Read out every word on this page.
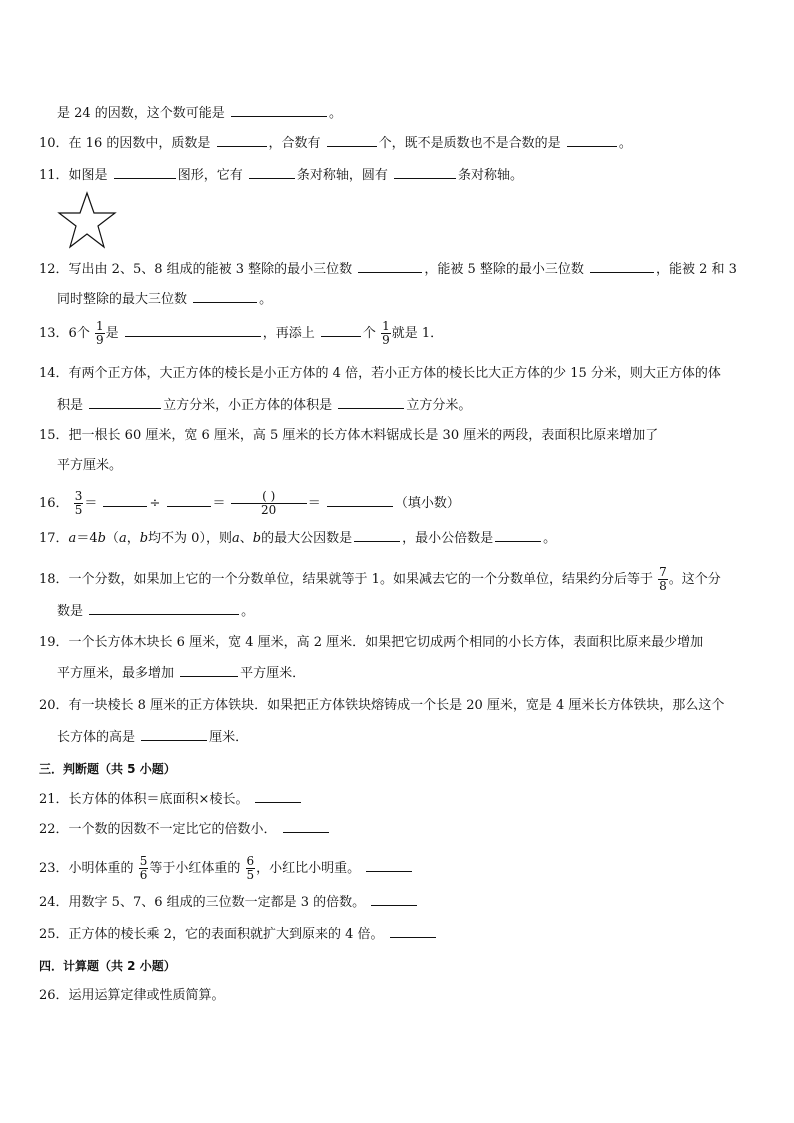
是 24 的因数，这个数可能是	。
10．在 16 的因数中，质数是	，合数有	个，既不是质数也不是合数的是	。
11．如图是	图形，它有	条对称轴，圆有	条对称轴。
12．写出由 2、5、8 组成的能被 3 整除的最小三位数	，能被 5 整除的最小三位数	，能被 2 和 3
同时整除的最大三位数	。
13．6个 $\frac{1}{9}$ 是	，再添上	个 $\frac{1}{9}$ 就是 1．
14．有两个正方体，大正方体的棱长是小正方体的 4 倍，若小正方体的棱长比大正方体的少 15 分米，则大正方体的体
积是	立方分米，小正方体的体积是	立方分米。
15．把一根长 60 厘米，宽 6 厘米，高 5 厘米的长方体木料锯成长是 30 厘米的两段，表面积比原来增加了
平方厘米。
16． $\frac{3}{5}$ ＝	÷	＝ $\frac{( )}{20}$ ＝	（填小数）
17．a＝4b（a，b均不为 0），则a、b的最大公因数是	，最小公倍数是	。
18．一个分数，如果加上它的一个分数单位，结果就等于 1。如果减去它的一个分数单位，结果约分后等于 $\frac{7}{8}$ 。这个分
数是	。
19．一个长方体木块长 6 厘米，宽 4 厘米，高 2 厘米．如果把它切成两个相同的小长方体，表面积比原来最少增加
平方厘米，最多增加	平方厘米．
20．有一块棱长 8 厘米的正方体铁块．如果把正方体铁块熔铸成一个长是 20 厘米，宽是 4 厘米长方体铁块，那么这个
长方体的高是	厘米．
三．判断题（共 5 小题）
21．长方体的体积＝底面积×棱长。
22．一个数的因数不一定比它的倍数小．
23．小明体重的 $\frac{5}{6}$ 等于小红体重的 $\frac{6}{5}$ ，小红比小明重。
24．用数字 5、7、6 组成的三位数一定都是 3 的倍数。
25．正方体的棱长乘 2，它的表面积就扩大到原来的 4 倍。
四．计算题（共 2 小题）
26．运用运算定律或性质简算。
